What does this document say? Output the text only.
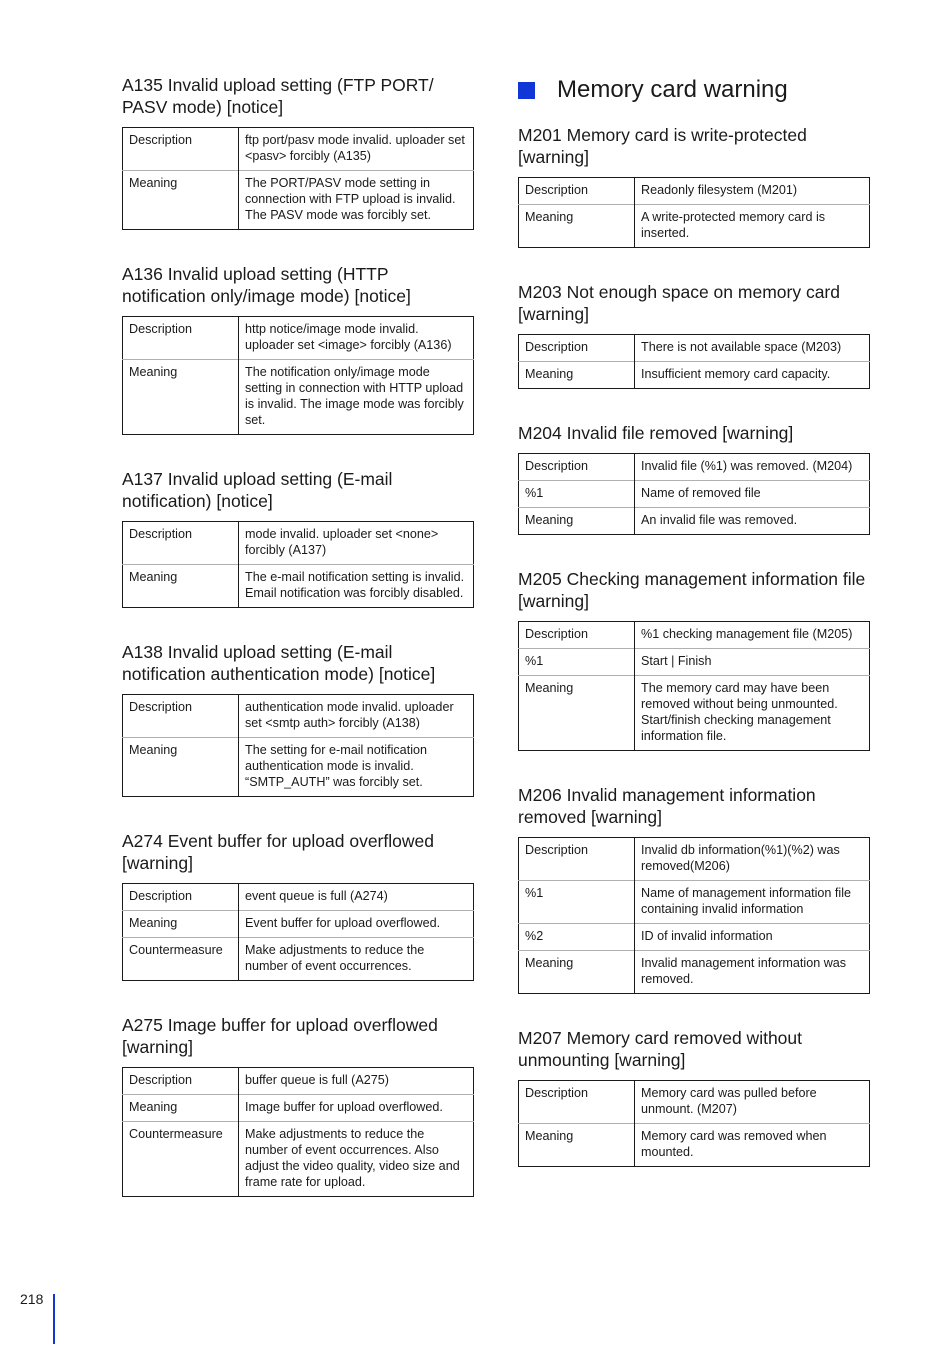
A135 Invalid upload setting (FTP PORT/ PASV mode) [notice]
Description	ftp port/pasv mode invalid. uploader set <pasv> forcibly (A135)
Meaning	The PORT/PASV mode setting in connection with FTP upload is invalid. The PASV mode was forcibly set.
A136 Invalid upload setting (HTTP notification only/image mode) [notice]
Description	http notice/image mode invalid. uploader set <image> forcibly (A136)
Meaning	The notification only/image mode setting in connection with HTTP upload is invalid. The image mode was forcibly set.
A137 Invalid upload setting (E-mail notification) [notice]
Description	mode invalid. uploader set <none> forcibly (A137)
Meaning	The e-mail notification setting is invalid. Email notification was forcibly disabled.
A138 Invalid upload setting (E-mail notification authentication mode) [notice]
Description	authentication mode invalid. uploader set <smtp auth> forcibly (A138)
Meaning	The setting for e-mail notification authentication mode is invalid. “SMTP_AUTH” was forcibly set.
A274 Event buffer for upload overflowed [warning]
Description	event queue is full (A274)
Meaning	Event buffer for upload overflowed.
Countermeasure	Make adjustments to reduce the number of event occurrences.
A275 Image buffer for upload overflowed [warning]
Description	buffer queue is full (A275)
Meaning	Image buffer for upload overflowed.
Countermeasure	Make adjustments to reduce the number of event occurrences. Also adjust the video quality, video size and frame rate for upload.
Memory card warning
M201 Memory card is write-protected [warning]
Description	Readonly filesystem (M201)
Meaning	A write-protected memory card is inserted.
M203 Not enough space on memory card [warning]
Description	There is not available space (M203)
Meaning	Insufficient memory card capacity.
M204 Invalid file removed [warning]
Description	Invalid file (%1) was removed. (M204)
%1	Name of removed file
Meaning	An invalid file was removed.
M205 Checking management information file [warning]
Description	%1 checking management file (M205)
%1	Start | Finish
Meaning	The memory card may have been removed without being unmounted. Start/finish checking management information file.
M206 Invalid management information removed [warning]
Description	Invalid db information(%1)(%2) was removed(M206)
%1	Name of management information file containing invalid information
%2	ID of invalid information
Meaning	Invalid management information was removed.
M207 Memory card removed without unmounting [warning]
Description	Memory card was pulled before unmount. (M207)
Meaning	Memory card was removed when mounted.
218
